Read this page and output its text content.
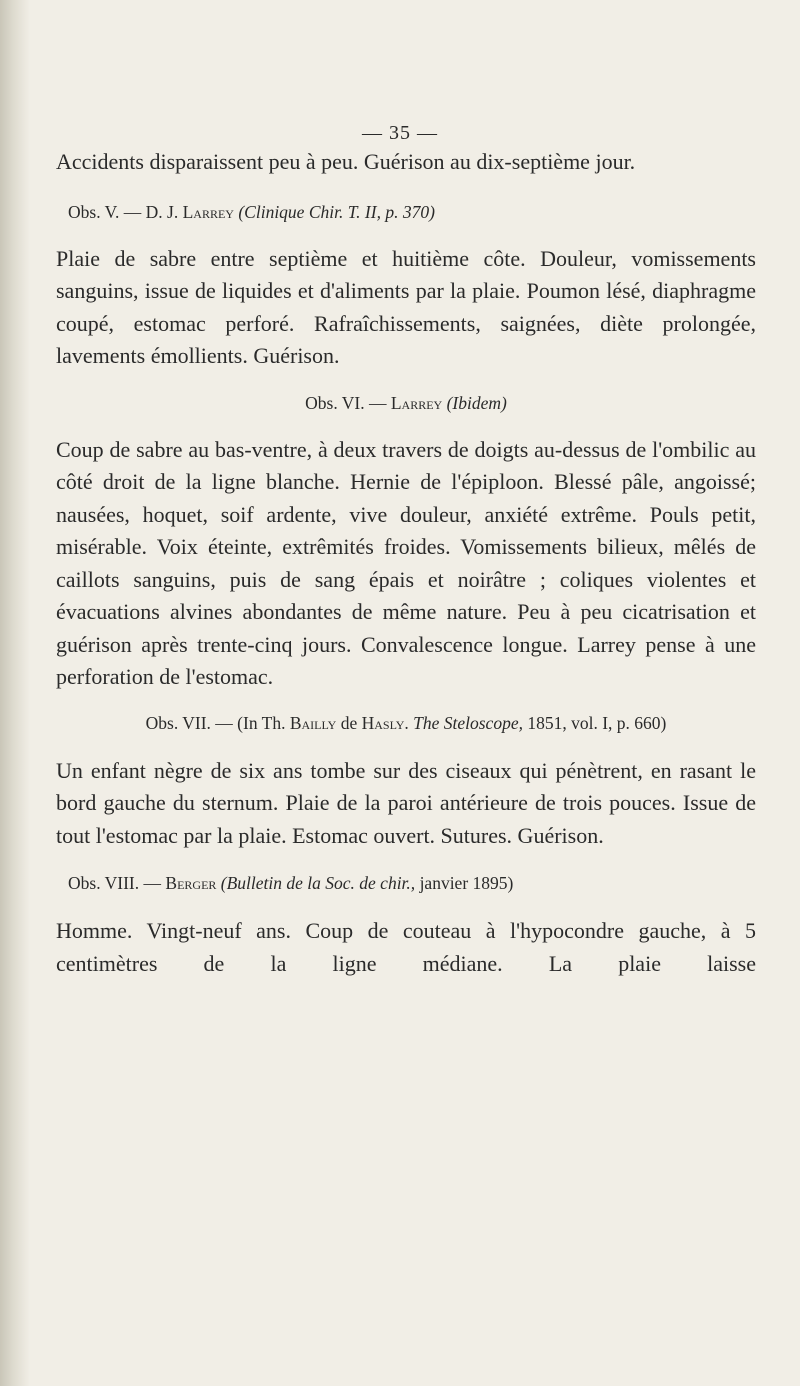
— 35 —

Accidents disparaissent peu à peu. Guérison au dix-septième jour.

Obs. V. — D. J. Larrey (Clinique Chir. T. II, p. 370)

Plaie de sabre entre septième et huitième côte. Douleur, vomissements sanguins, issue de liquides et d'aliments par la plaie. Poumon lésé, diaphragme coupé, estomac perforé. Rafraîchissements, saignées, diète prolongée, lavements émollients. Guérison.

Obs. VI. — Larrey (Ibidem)

Coup de sabre au bas-ventre, à deux travers de doigts au-dessus de l'ombilic au côté droit de la ligne blanche. Hernie de l'épiploon. Blessé pâle, angoissé; nausées, hoquet, soif ardente, vive douleur, anxiété extrême. Pouls petit, misérable. Voix éteinte, extrêmités froides. Vomissements bilieux, mêlés de caillots sanguins, puis de sang épais et noirâtre ; coliques violentes et évacuations alvines abondantes de même nature. Peu à peu cicatrisation et guérison après trente-cinq jours. Convalescence longue. Larrey pense à une perforation de l'estomac.

Obs. VII. — (In Th. Bailly de Hasly. The Steloscope, 1851, vol. I, p. 660)

Un enfant nègre de six ans tombe sur des ciseaux qui pénètrent, en rasant le bord gauche du sternum. Plaie de la paroi antérieure de trois pouces. Issue de tout l'estomac par la plaie. Estomac ouvert. Sutures. Guérison.

Obs. VIII. — Berger (Bulletin de la Soc. de chir., janvier 1895)

Homme. Vingt-neuf ans. Coup de couteau à l'hypocondre gauche, à 5 centimètres de la ligne médiane. La plaie laisse
